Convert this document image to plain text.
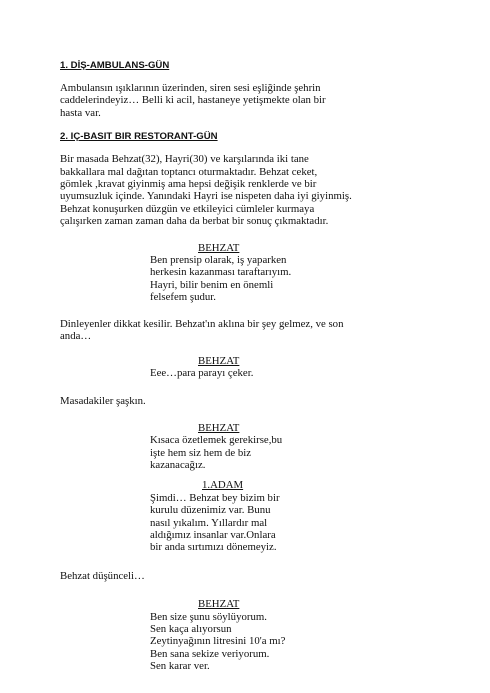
1. DİŞ-AMBULANS-GÜN

Ambulansın ışıklarının üzerinden, siren sesi eşliğinde şehrin

caddelerindeyiz… Belli ki acil, hastaneye yetişmekte olan bir

hasta var.

2. IÇ-BASIT BIR RESTORANT-GÜN

Bir masada Behzat(32), Hayri(30) ve karşılarında iki tane

bakkallara mal dağıtan toptancı oturmaktadır. Behzat ceket,

gömlek ,kravat giyinmiş ama hepsi değişik renklerde ve bir

uyumsuzluk içinde. Yanındaki Hayri ise nispeten daha iyi giyinmiş.

Behzat konuşurken düzgün ve etkileyici cümleler kurmaya

çalışırken zaman zaman daha da berbat bir sonuç çıkmaktadır.

BEHZAT

Ben prensip olarak, iş yaparken

herkesin kazanması taraftarıyım.

Hayri, bilir benim en önemli

felsefem şudur.

Dinleyenler dikkat kesilir. Behzat'ın aklına bir şey gelmez, ve son

anda…

BEHZAT

Eee…para parayı çeker.

Masadakiler şaşkın.

BEHZAT

Kısaca özetlemek gerekirse,bu

işte hem siz hem de biz

kazanacağız.

1.ADAM

Şimdi… Behzat bey bizim bir

kurulu düzenimiz var. Bunu

nasıl yıkalım. Yıllardır mal

aldığımız insanlar var.Onlara

bir anda sırtımızı dönemeyiz.

Behzat düşünceli…

BEHZAT

Ben size şunu söylüyorum.

Sen kaça alıyorsun

Zeytinyağının litresini 10'a mı?

Ben sana sekize veriyorum.

Sen karar ver.
